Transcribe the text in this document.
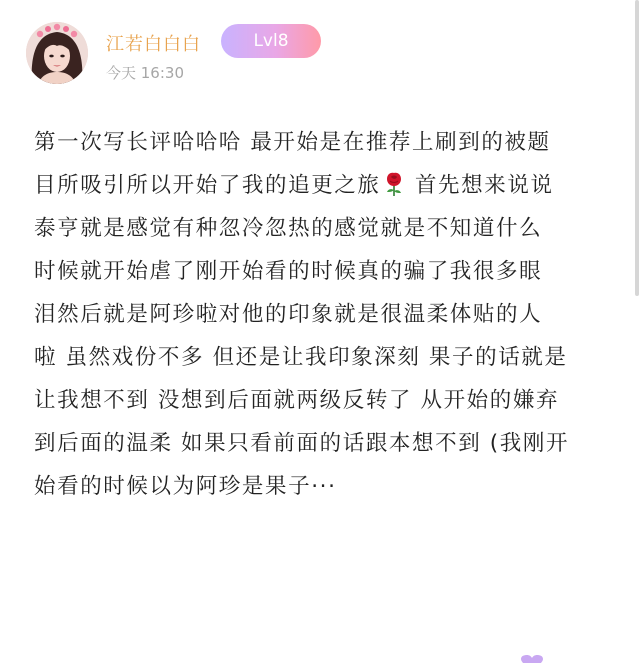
江若白白白	Lvl8
今天 16:30
第一次写长评哈哈哈 最开始是在推荐上刷到的被题
目所吸引所以开始了我的追更之旅 首先想来说说
泰亨就是感觉有种忽冷忽热的感觉就是不知道什么
时候就开始虐了刚开始看的时候真的骗了我很多眼
泪然后就是阿珍啦对他的印象就是很温柔体贴的人
啦 虽然戏份不多 但还是让我印象深刻 果子的话就是
让我想不到 没想到后面就两级反转了 从开始的嫌弃
到后面的温柔 如果只看前面的话跟本想不到 (我刚开
始看的时候以为阿珍是果子···
